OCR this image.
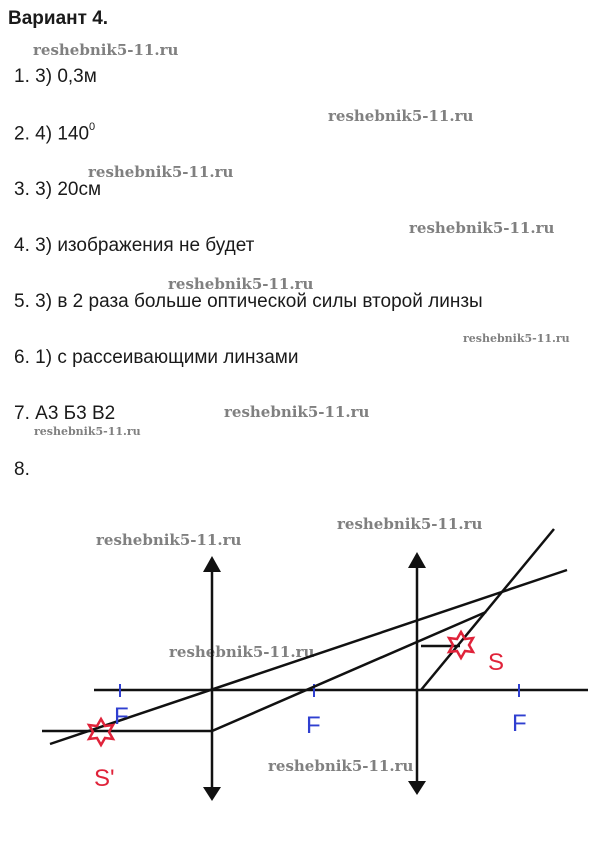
Вариант 4.
1. 3) 0,3м
2. 4) $140^0$
3. 3) 20см
4. 3) изображения не будет
5. 3) в 2 раза больше оптической силы второй линзы
6. 1) с рассеивающими линзами
7. А3 Б3 В2
8.
reshebnik5-11.ru
reshebnik5-11.ru
reshebnik5-11.ru
reshebnik5-11.ru
reshebnik5-11.ru
reshebnik5-11.ru
reshebnik5-11.ru
reshebnik5-11.ru
reshebnik5-11.ru
reshebnik5-11.ru
reshebnik5-11.ru
reshebnik5-11.ru
F	F	F
S
S'
